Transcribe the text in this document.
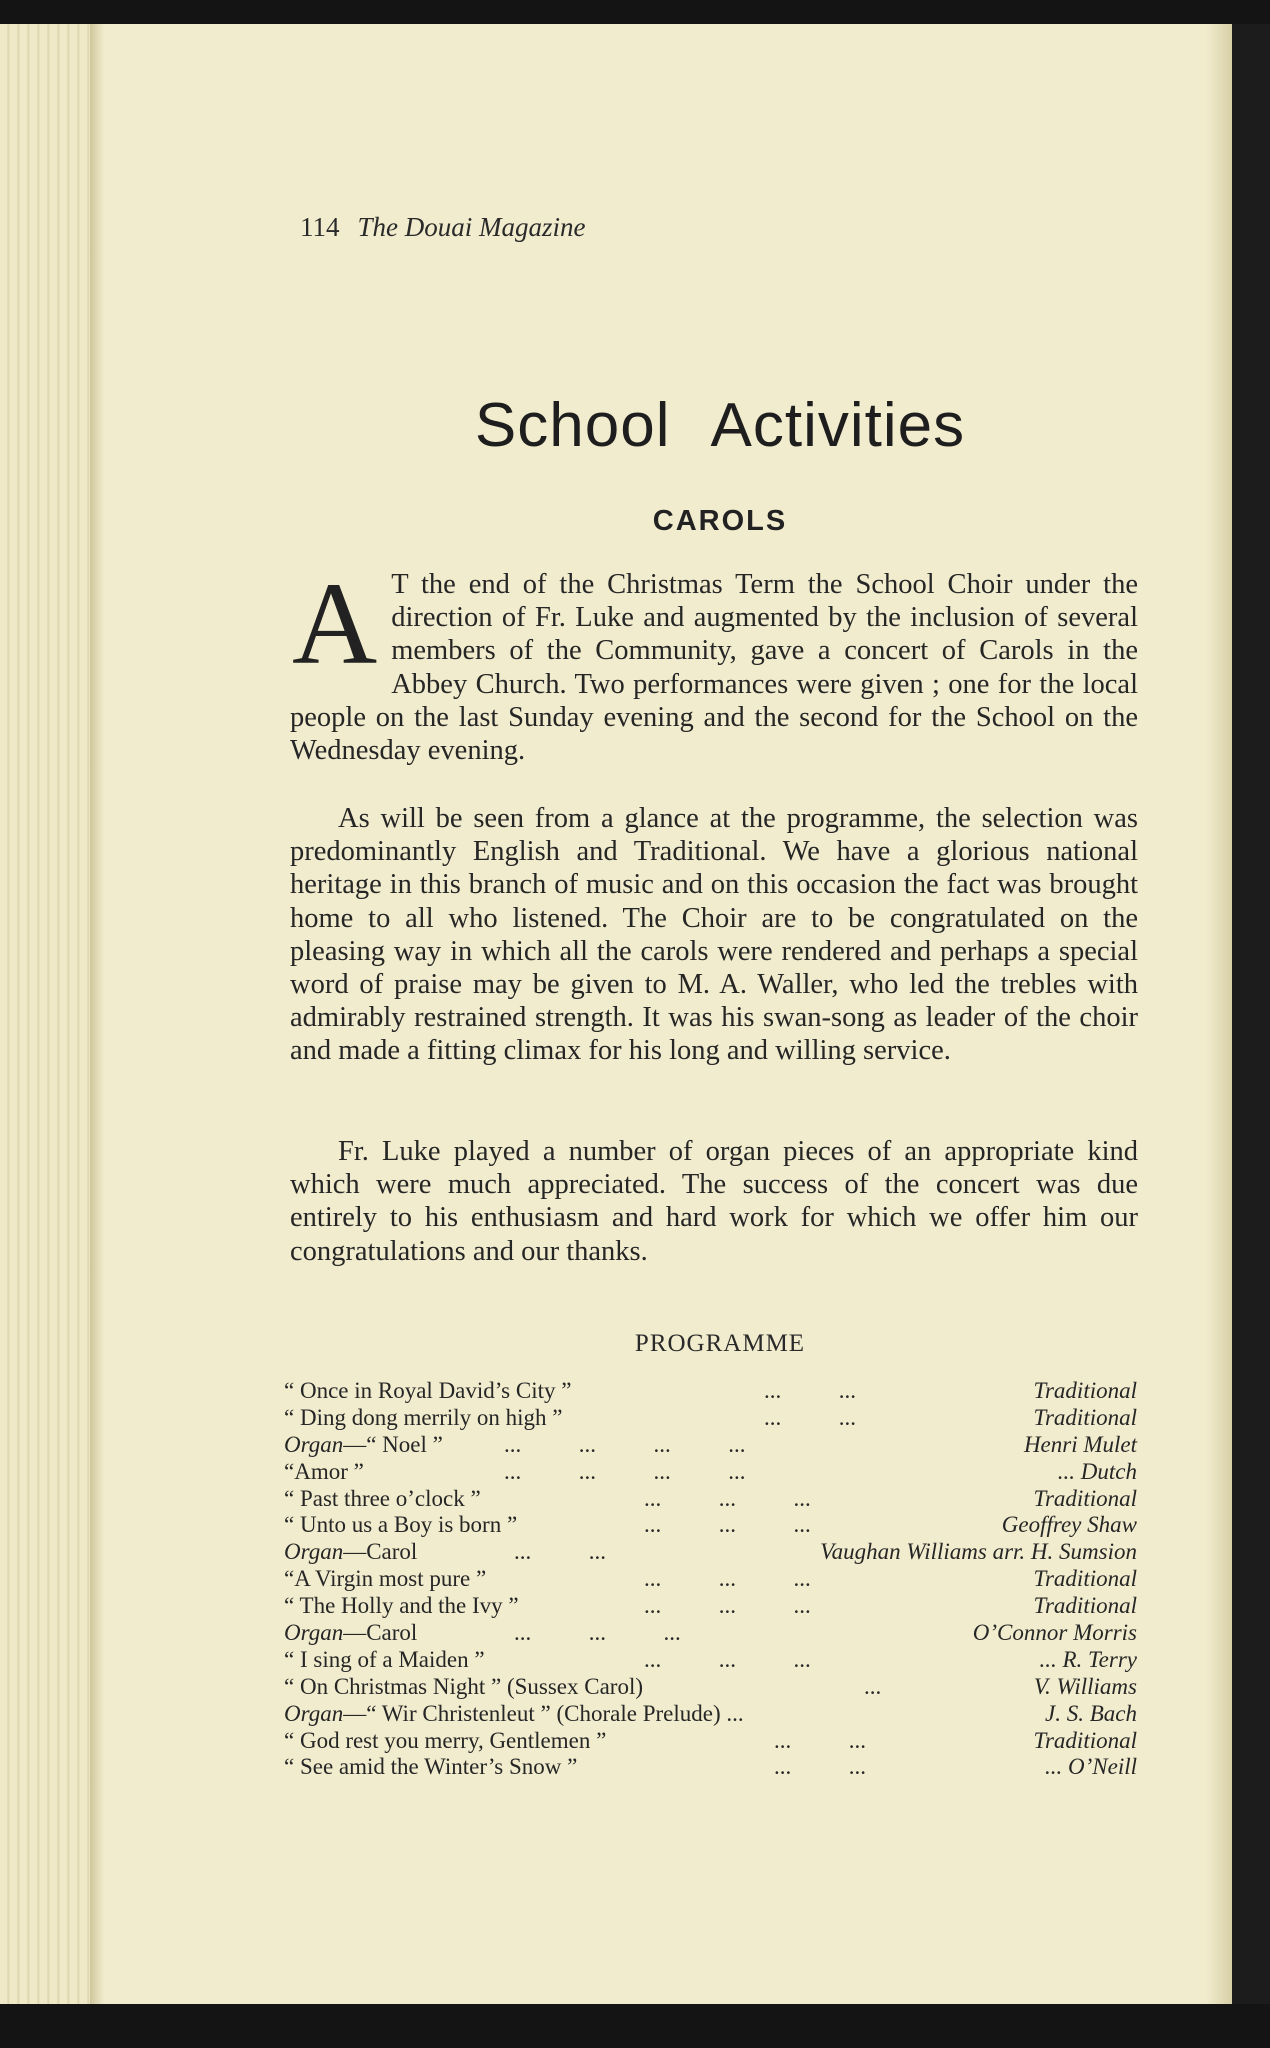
114 The Douai Magazine
School Activities
CAROLS
A T the end of the Christmas Term the School Choir under the direction of Fr. Luke and augmented by the inclusion of several members of the Community, gave a concert of Carols in the Abbey Church. Two performances were given ; one for the local people on the last Sunday evening and the second for the School on the Wednesday evening.
As will be seen from a glance at the programme, the selection was predominantly English and Traditional. We have a glorious national heritage in this branch of music and on this occasion the fact was brought home to all who listened. The Choir are to be congratulated on the pleasing way in which all the carols were rendered and perhaps a special word of praise may be given to M. A. Waller, who led the trebles with admirably restrained strength. It was his swan-song as leader of the choir and made a fitting climax for his long and willing service.
Fr. Luke played a number of organ pieces of an appropriate kind which were much appreciated. The success of the concert was due entirely to his enthusiasm and hard work for which we offer him our congratulations and our thanks.
PROGRAMME
“ Once in Royal David’s City ”	...          ...	Traditional
“ Ding dong merrily on high ”	...          ...	Traditional
Organ—“ Noel ”	...          ...          ...          ...	Henri Mulet
“Amor ”	...          ...          ...          ...	... Dutch
“ Past three o’clock ”	...          ...          ...	Traditional
“ Unto us a Boy is born ”	...          ...          ...	Geoffrey Shaw
Organ—Carol	...          ...	Vaughan Williams arr. H. Sumsion
“A Virgin most pure ”	...          ...          ...	Traditional
“ The Holly and the Ivy ”	...          ...          ...	Traditional
Organ—Carol	...          ...          ...	O’Connor Morris
“ I sing of a Maiden ”	...          ...          ...	... R. Terry
“ On Christmas Night ” (Sussex Carol)	...	V. Williams
Organ—“ Wir Christenleut ” (Chorale Prelude) ...	J. S. Bach
“ God rest you merry, Gentlemen ”	...          ...	Traditional
“ See amid the Winter’s Snow ”	...          ...	... O’Neill
